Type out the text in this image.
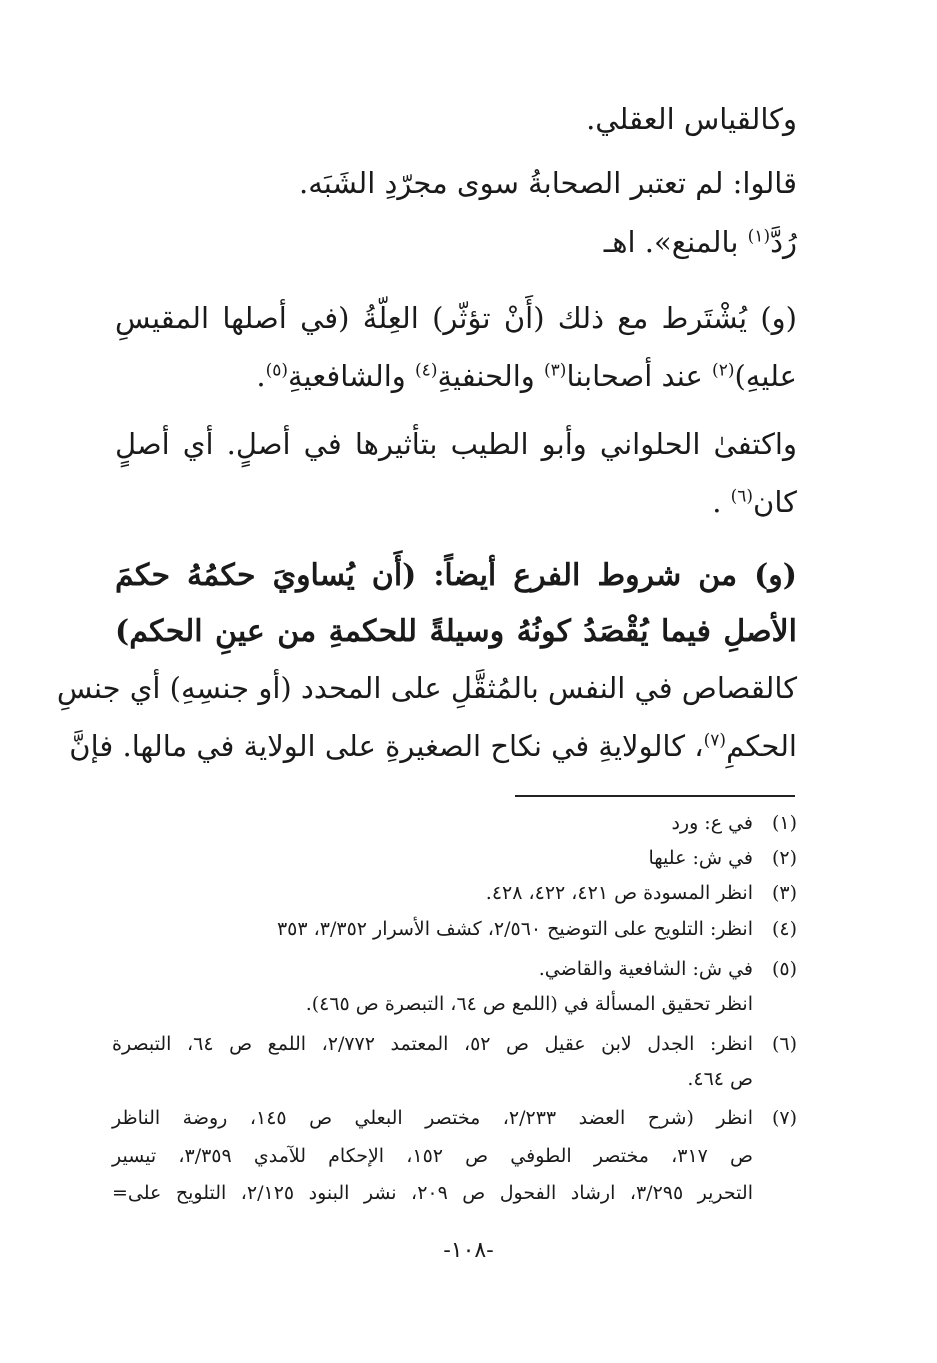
وكالقياس العقلي.
قالوا: لم تعتبر الصحابةُ سوى مجرّدِ الشَبَه.
رُدَّ$^{(١)}$ بالمنع». اهـ
(و) يُشْتَرط مع ذلك (أَنْ تؤثّر) العِلّةُ (في أصلها المقيسِ
عليهِ)$^{(٢)}$ عند أصحابنا$^{(٣)}$ والحنفيةِ$^{(٤)}$ والشافعيةِ$^{(٥)}$.
واكتفىٰ الحلواني وأبو الطيب بتأثيرها في أصلٍ. أي أصلٍ
كان$^{(٦)}$ .
(و) من شروط الفرع أيضاً: (أَن يُساويَ حكمُهُ حكمَ
الأصلِ فيما يُقْصَدُ كونُهُ وسيلةً للحكمةِ من عينِ الحكم)
كالقصاص في النفس بالمُثقَّلِ على المحدد (أو جنسِهِ) أي جنسِ
الحكمِ$^{(٧)}$، كالولايةِ في نكاح الصغيرةِ على الولاية في مالها. فإنَّ
(١)في ع: ورد
(٢)في ش: عليها
(٣)انظر المسودة ص ٤٢١، ٤٢٢، ٤٢٨.
(٤)انظر: التلويح على التوضيح ٢/٥٦٠، كشف الأسرار ٣/٣٥٢، ٣٥٣
(٥)في ش: الشافعية والقاضي.
انظر تحقيق المسألة في (اللمع ص ٦٤، التبصرة ص ٤٦٥).
(٦)انظر: الجدل لابن عقيل ص ٥٢، المعتمد ٢/٧٧٢، اللمع ص ٦٤، التبصرة
ص ٤٦٤.
(٧)انظر (شرح العضد ٢/٢٣٣، مختصر البعلي ص ١٤٥، روضة الناظر
ص ٣١٧، مختصر الطوفي ص ١٥٢، الإحكام للآمدي ٣/٣٥٩، تيسير
التحرير ٣/٢٩٥، ارشاد الفحول ص ٢٠٩، نشر البنود ٢/١٢٥، التلويح على=
-١٠٨-
